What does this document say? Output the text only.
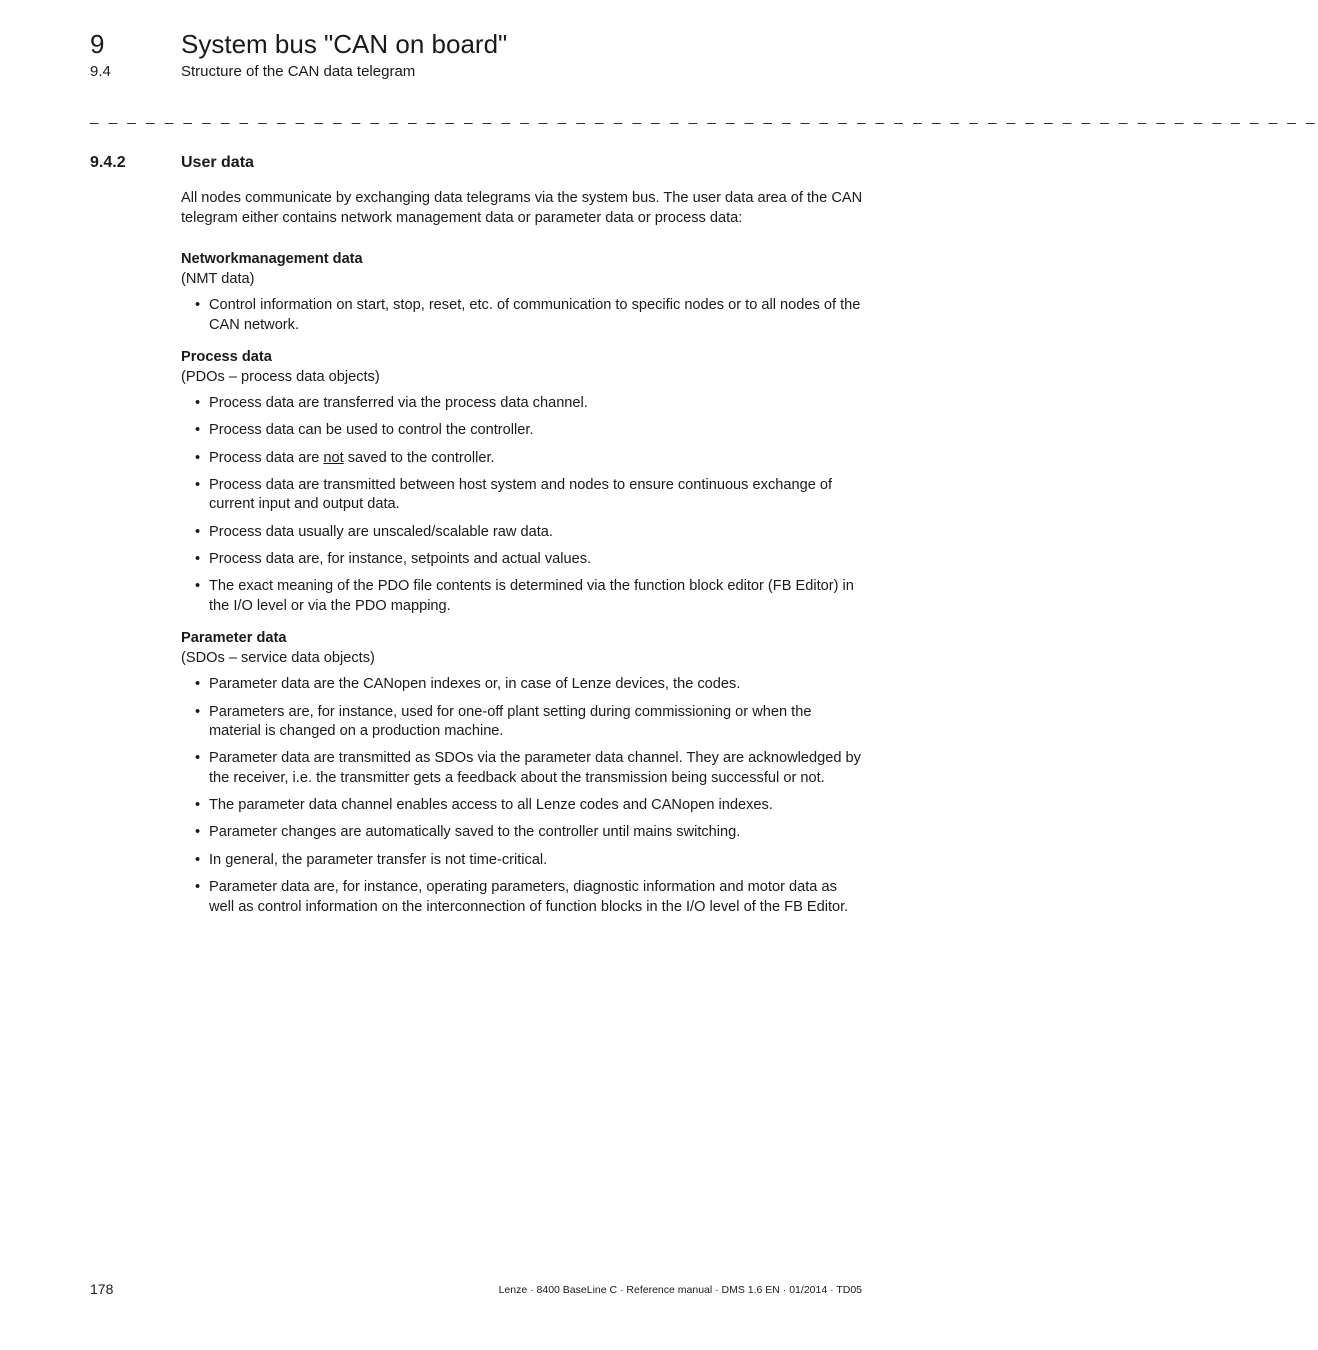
9	System bus "CAN on board"
9.4	Structure of the CAN data telegram
_ _ _ _ _ _ _ _ _ _ _ _ _ _ _ _ _ _ _ _ _ _ _ _ _ _ _ _ _ _ _ _ _ _ _ _ _ _ _ _ _ _ _ _ _ _ _ _ _ _ _ _ _ _ _ _ _ _ _ _ _ _ _ _ _ _
9.4.2	User data

All nodes communicate by exchanging data telegrams via the system bus. The user data area of the CAN telegram either contains network management data or parameter data or process data:

Networkmanagement data

(NMT data)

• Control information on start, stop, reset, etc. of communication to specific nodes or to all nodes of the CAN network.

Process data

(PDOs – process data objects)

• Process data are transferred via the process data channel.
• Process data can be used to control the controller.
• Process data are not saved to the controller.
• Process data are transmitted between host system and nodes to ensure continuous exchange of current input and output data.
• Process data usually are unscaled/scalable raw data.
• Process data are, for instance, setpoints and actual values.
• The exact meaning of the PDO file contents is determined via the function block editor (FB Editor) in the I/O level or via the PDO mapping.

Parameter data

(SDOs – service data objects)

• Parameter data are the CANopen indexes or, in case of Lenze devices, the codes.
• Parameters are, for instance, used for one-off plant setting during commissioning or when the material is changed on a production machine.
• Parameter data are transmitted as SDOs via the parameter data channel. They are acknowledged by the receiver, i.e. the transmitter gets a feedback about the transmission being successful or not.
• The parameter data channel enables access to all Lenze codes and CANopen indexes.
• Parameter changes are automatically saved to the controller until mains switching.
• In general, the parameter transfer is not time-critical.
• Parameter data are, for instance, operating parameters, diagnostic information and motor data as well as control information on the interconnection of function blocks in the I/O level of the FB Editor.
178	Lenze · 8400 BaseLine C · Reference manual · DMS 1.6 EN · 01/2014 · TD05
